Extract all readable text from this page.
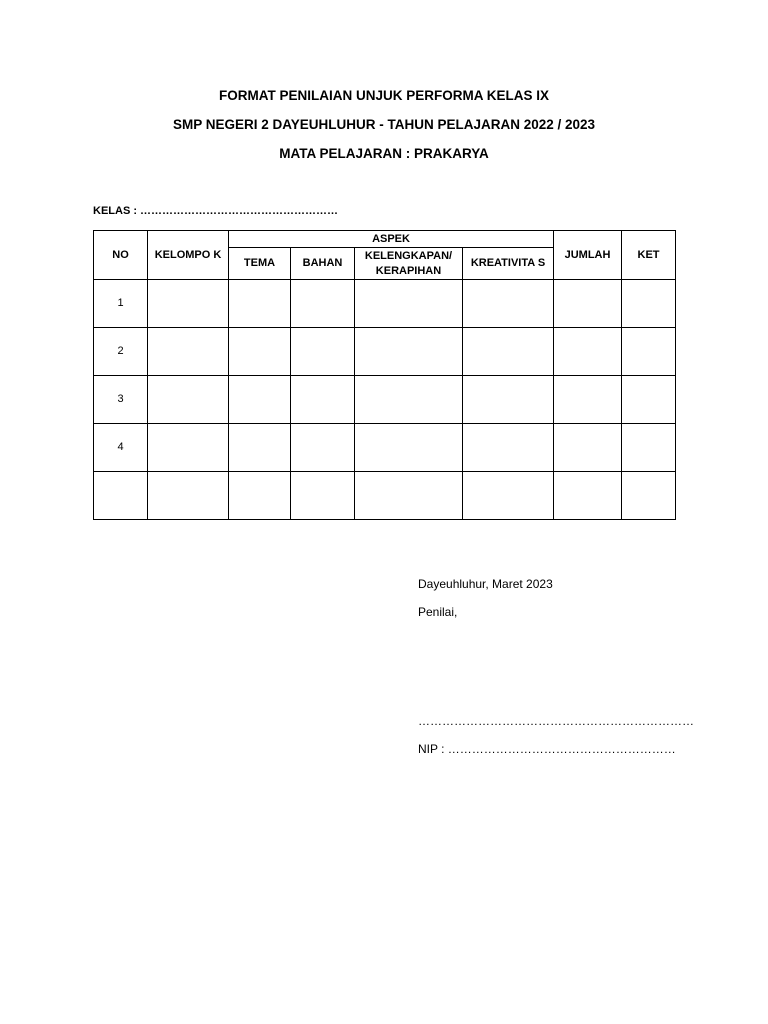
FORMAT PENILAIAN UNJUK PERFORMA KELAS IX
SMP NEGERI 2 DAYEUHLUHUR - TAHUN PELAJARAN 2022 / 2023
MATA PELAJARAN : PRAKARYA
KELAS : ………………………………………………
NO	KELOMPO K	ASPEK				JUMLAH	KET
		TEMA	BAHAN	KELENGKAPAN/ KERAPIHAN	KREATIVITA S		
1							
2							
3							
4							

Dayeuhluhur, Maret 2023
Penilai,
……………………………………………………………
NIP : …………………………………………………
